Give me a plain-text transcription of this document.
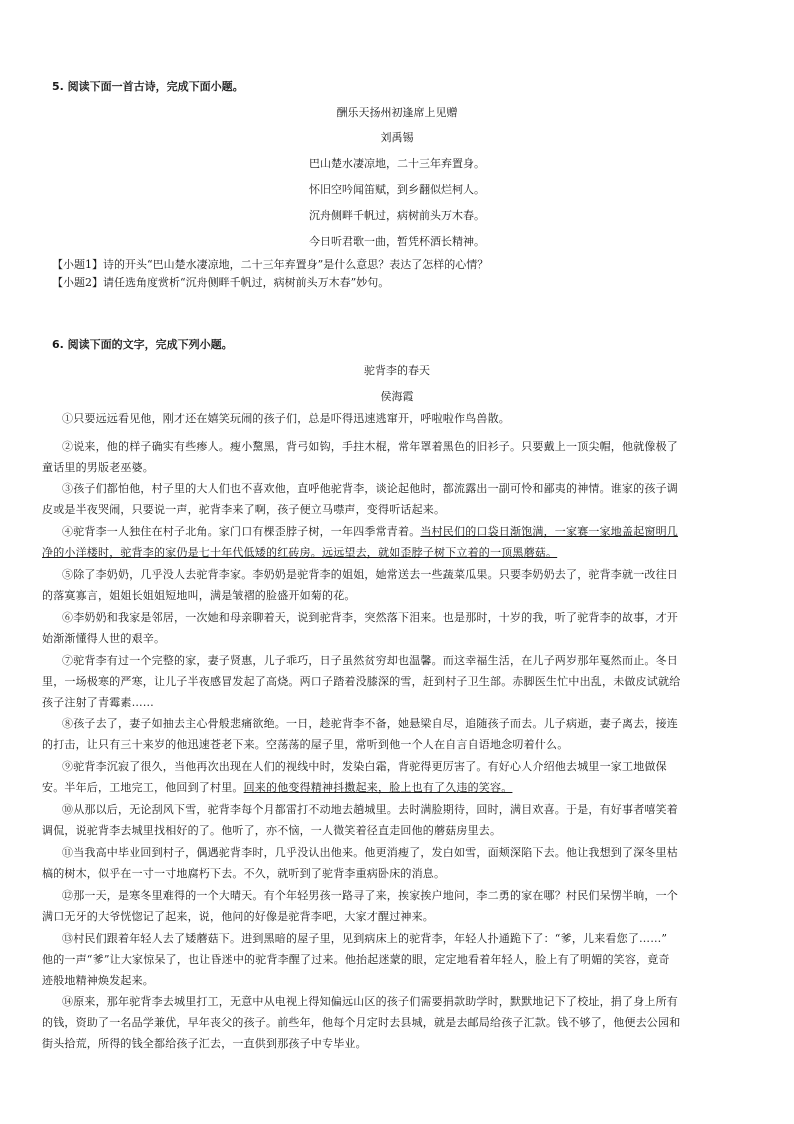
5. 阅读下面一首古诗，完成下面小题。
酬乐天扬州初逢席上见赠
刘禹锡
巴山楚水凄凉地，二十三年弃置身。
怀旧空吟闻笛赋，到乡翻似烂柯人。
沉舟侧畔千帆过，病树前头万木春。
今日听君歌一曲，暂凭杯酒长精神。
【小题1】诗的开头“巴山楚水凄凉地，二十三年弃置身”是什么意思？表达了怎样的心情？
【小题2】请任选角度赏析“沉舟侧畔千帆过，病树前头万木春”妙句。
6. 阅读下面的文字，完成下列小题。
驼背李的春天
侯海霞
①只要远远看见他，刚才还在嬉笑玩闹的孩子们，总是吓得迅速逃窜开，呼啦啦作鸟兽散。
②说来，他的样子确实有些瘆人。瘦小黧黑，背弓如钩，手拄木棍，常年罩着黑色的旧衫子。只要戴上一顶尖帽，他就像极了
童话里的男版老巫婆。
③孩子们都怕他，村子里的大人们也不喜欢他，直呼他驼背李，谈论起他时，都流露出一副可怜和鄙夷的神情。谁家的孩子调
皮或是半夜哭闹，只要说一声，驼背李来了啊，孩子便立马噤声，变得听话起来。
④驼背李一人独住在村子北角。家门口有棵歪脖子树，一年四季常青着。当村民们的口袋日渐饱满，一家赛一家地盖起窗明几
净的小洋楼时，驼背李的家仍是七十年代低矮的红砖房。远远望去，就如歪脖子树下立着的一顶黑蘑菇。
⑤除了李奶奶，几乎没人去驼背李家。李奶奶是驼背李的姐姐，她常送去一些蔬菜瓜果。只要李奶奶去了，驼背李就一改往日
的落寞寡言，姐姐长姐姐短地叫，满是皱褶的脸盛开如菊的花。
⑥李奶奶和我家是邻居，一次她和母亲聊着天，说到驼背李，突然落下泪来。也是那时，十岁的我，听了驼背李的故事，才开
始渐渐懂得人世的艰辛。
⑦驼背李有过一个完整的家，妻子贤惠，儿子乖巧，日子虽然贫穷却也温馨。而这幸福生活，在儿子两岁那年戛然而止。冬日
里，一场极寒的严寒，让儿子半夜感冒发起了高烧。两口子踏着没膝深的雪，赶到村子卫生部。赤脚医生忙中出乱，未做皮试就给
孩子注射了青霉素……
⑧孩子去了，妻子如抽去主心骨般悲痛欲绝。一日，趁驼背李不备，她悬梁自尽，追随孩子而去。儿子病逝，妻子离去，接连
的打击，让只有三十来岁的他迅速苍老下来。空荡荡的屋子里，常听到他一个人在自言自语地念叨着什么。
⑨驼背李沉寂了很久，当他再次出现在人们的视线中时，发染白霜，背驼得更厉害了。有好心人介绍他去城里一家工地做保
安。半年后，工地完工，他回到了村里。回来的他变得精神抖擞起来，脸上也有了久违的笑容。
⑩从那以后，无论刮风下雪，驼背李每个月都雷打不动地去趟城里。去时满脸期待，回时，满目欢喜。于是，有好事者嘻笑着
调侃，说驼背李去城里找相好的了。他听了，亦不恼，一人微笑着径直走回他的蘑菇房里去。
⑪当我高中毕业回到村子，偶遇驼背李时，几乎没认出他来。他更消瘦了，发白如雪，面颊深陷下去。他让我想到了深冬里枯
槁的树木，似乎在一寸一寸地腐朽下去。不久，就听到了驼背李重病卧床的消息。
⑫那一天，是寒冬里难得的一个大晴天。有个年轻男孩一路寻了来，挨家挨户地问，李二勇的家在哪？村民们呆愣半晌，一个
满口无牙的大爷恍惚记了起来，说，他问的好像是驼背李吧，大家才醒过神来。
⑬村民们跟着年轻人去了矮蘑菇下。进到黑暗的屋子里，见到病床上的驼背李，年轻人扑通跪下了：“爹，儿来看您了……”
他的一声“爹”让大家惊呆了，也让昏迷中的驼背李醒了过来。他抬起迷蒙的眼，定定地看着年轻人，脸上有了明媚的笑容，竟奇
迹般地精神焕发起来。
⑭原来，那年驼背李去城里打工，无意中从电视上得知偏远山区的孩子们需要捐款助学时，默默地记下了校址，捐了身上所有
的钱，资助了一名品学兼优，早年丧父的孩子。前些年，他每个月定时去县城，就是去邮局给孩子汇款。钱不够了，他便去公园和
街头拾荒，所得的钱全都给孩子汇去，一直供到那孩子中专毕业。
